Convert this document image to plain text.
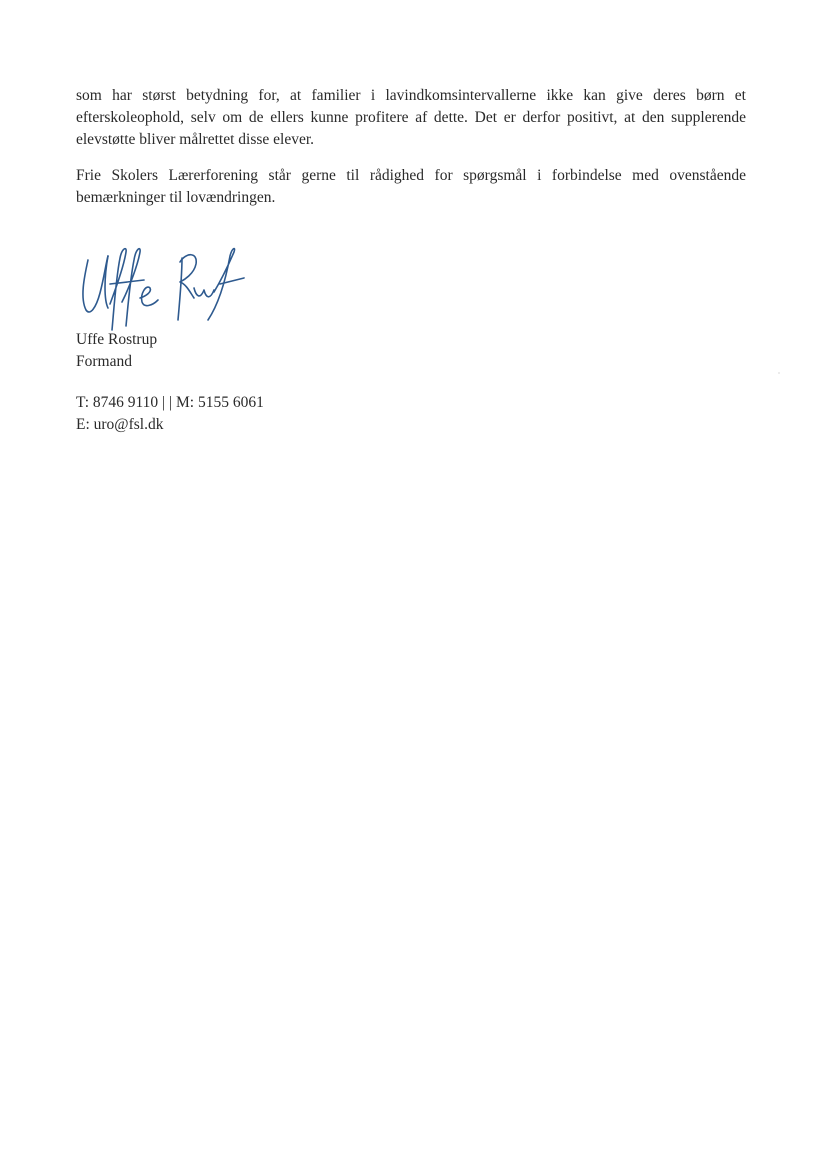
som har størst betydning for, at familier i lavindkomsintervallerne ikke kan give deres børn et
efterskoleophold, selv om de ellers kunne profitere af dette. Det er derfor positivt, at den supplerende
elevstøtte bliver målrettet disse elever.

Frie Skolers Lærerforening står gerne til rådighed for spørgsmål i forbindelse med ovenstående
bemærkninger til lovændringen.

Uffe Rostrup
Formand
T: 8746 9110 | | M: 5155 6061
E: uro@fsl.dk
